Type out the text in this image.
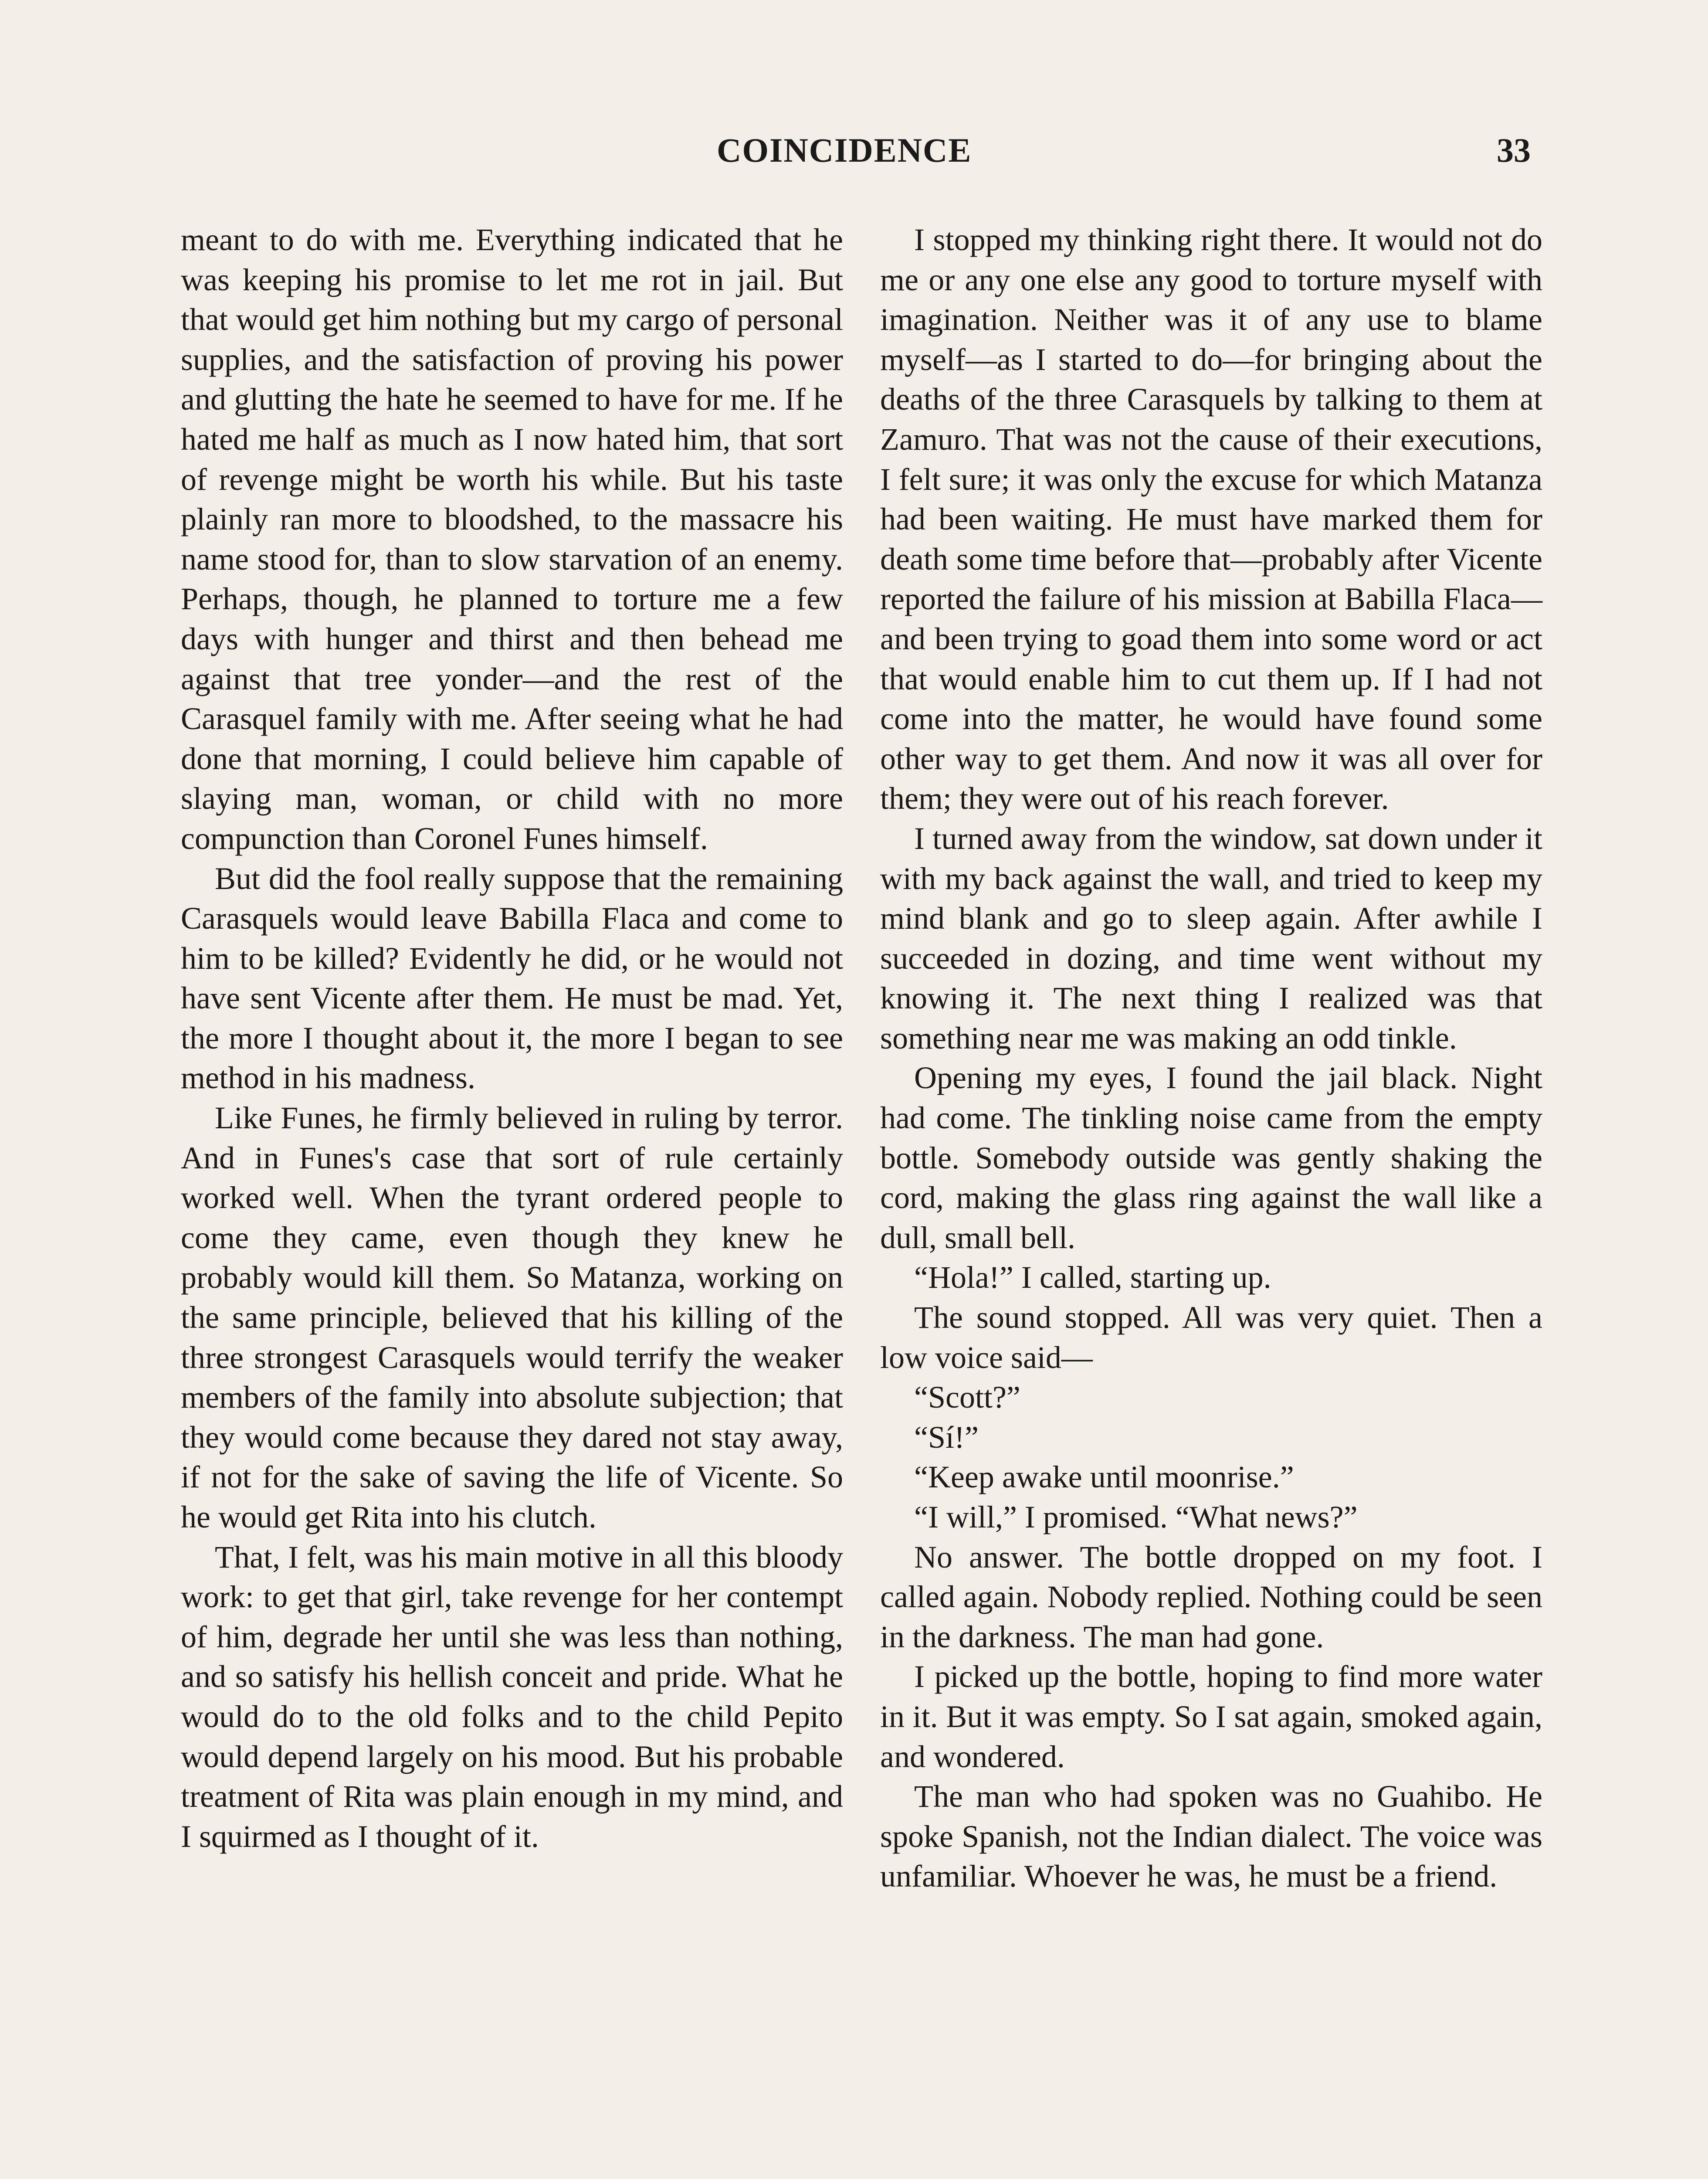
COINCIDENCE	33

meant to do with me. Everything indicated that he was keeping his promise to let me rot in jail. But that would get him nothing but my cargo of personal supplies, and the satisfaction of proving his power and glutting the hate he seemed to have for me. If he hated me half as much as I now hated him, that sort of revenge might be worth his while. But his taste plainly ran more to bloodshed, to the massacre his name stood for, than to slow starvation of an enemy. Perhaps, though, he planned to torture me a few days with hunger and thirst and then behead me against that tree yonder—and the rest of the Carasquel family with me. After seeing what he had done that morning, I could believe him capable of slaying man, woman, or child with no more compunction than Coronel Funes himself.

But did the fool really suppose that the remaining Carasquels would leave Babilla Flaca and come to him to be killed? Evidently he did, or he would not have sent Vicente after them. He must be mad. Yet, the more I thought about it, the more I began to see method in his madness.

Like Funes, he firmly believed in ruling by terror. And in Funes's case that sort of rule certainly worked well. When the tyrant ordered people to come they came, even though they knew he probably would kill them. So Matanza, working on the same principle, believed that his killing of the three strongest Carasquels would terrify the weaker members of the family into absolute subjection; that they would come because they dared not stay away, if not for the sake of saving the life of Vicente. So he would get Rita into his clutch.

That, I felt, was his main motive in all this bloody work: to get that girl, take revenge for her contempt of him, degrade her until she was less than nothing, and so satisfy his hellish conceit and pride. What he would do to the old folks and to the child Pepito would depend largely on his mood. But his probable treatment of Rita was plain enough in my mind, and I squirmed as I thought of it.

I stopped my thinking right there. It would not do me or any one else any good to torture myself with imagination. Neither was it of any use to blame myself—as I started to do—for bringing about the deaths of the three Carasquels by talking to them at Zamuro. That was not the cause of their executions, I felt sure; it was only the excuse for which Matanza had been waiting. He must have marked them for death some time before that—probably after Vicente reported the failure of his mission at Babilla Flaca—and been trying to goad them into some word or act that would enable him to cut them up. If I had not come into the matter, he would have found some other way to get them. And now it was all over for them; they were out of his reach forever.

I turned away from the window, sat down under it with my back against the wall, and tried to keep my mind blank and go to sleep again. After awhile I succeeded in dozing, and time went without my knowing it. The next thing I realized was that something near me was making an odd tinkle.

Opening my eyes, I found the jail black. Night had come. The tinkling noise came from the empty bottle. Somebody outside was gently shaking the cord, making the glass ring against the wall like a dull, small bell.

“Hola!” I called, starting up.

The sound stopped. All was very quiet. Then a low voice said—

“Scott?”

“Sí!”

“Keep awake until moonrise.”

“I will,” I promised. “What news?”

No answer. The bottle dropped on my foot. I called again. Nobody replied. Nothing could be seen in the darkness. The man had gone.

I picked up the bottle, hoping to find more water in it. But it was empty. So I sat again, smoked again, and wondered.

The man who had spoken was no Guahibo. He spoke Spanish, not the Indian dialect. The voice was unfamiliar. Whoever he was, he must be a friend.
